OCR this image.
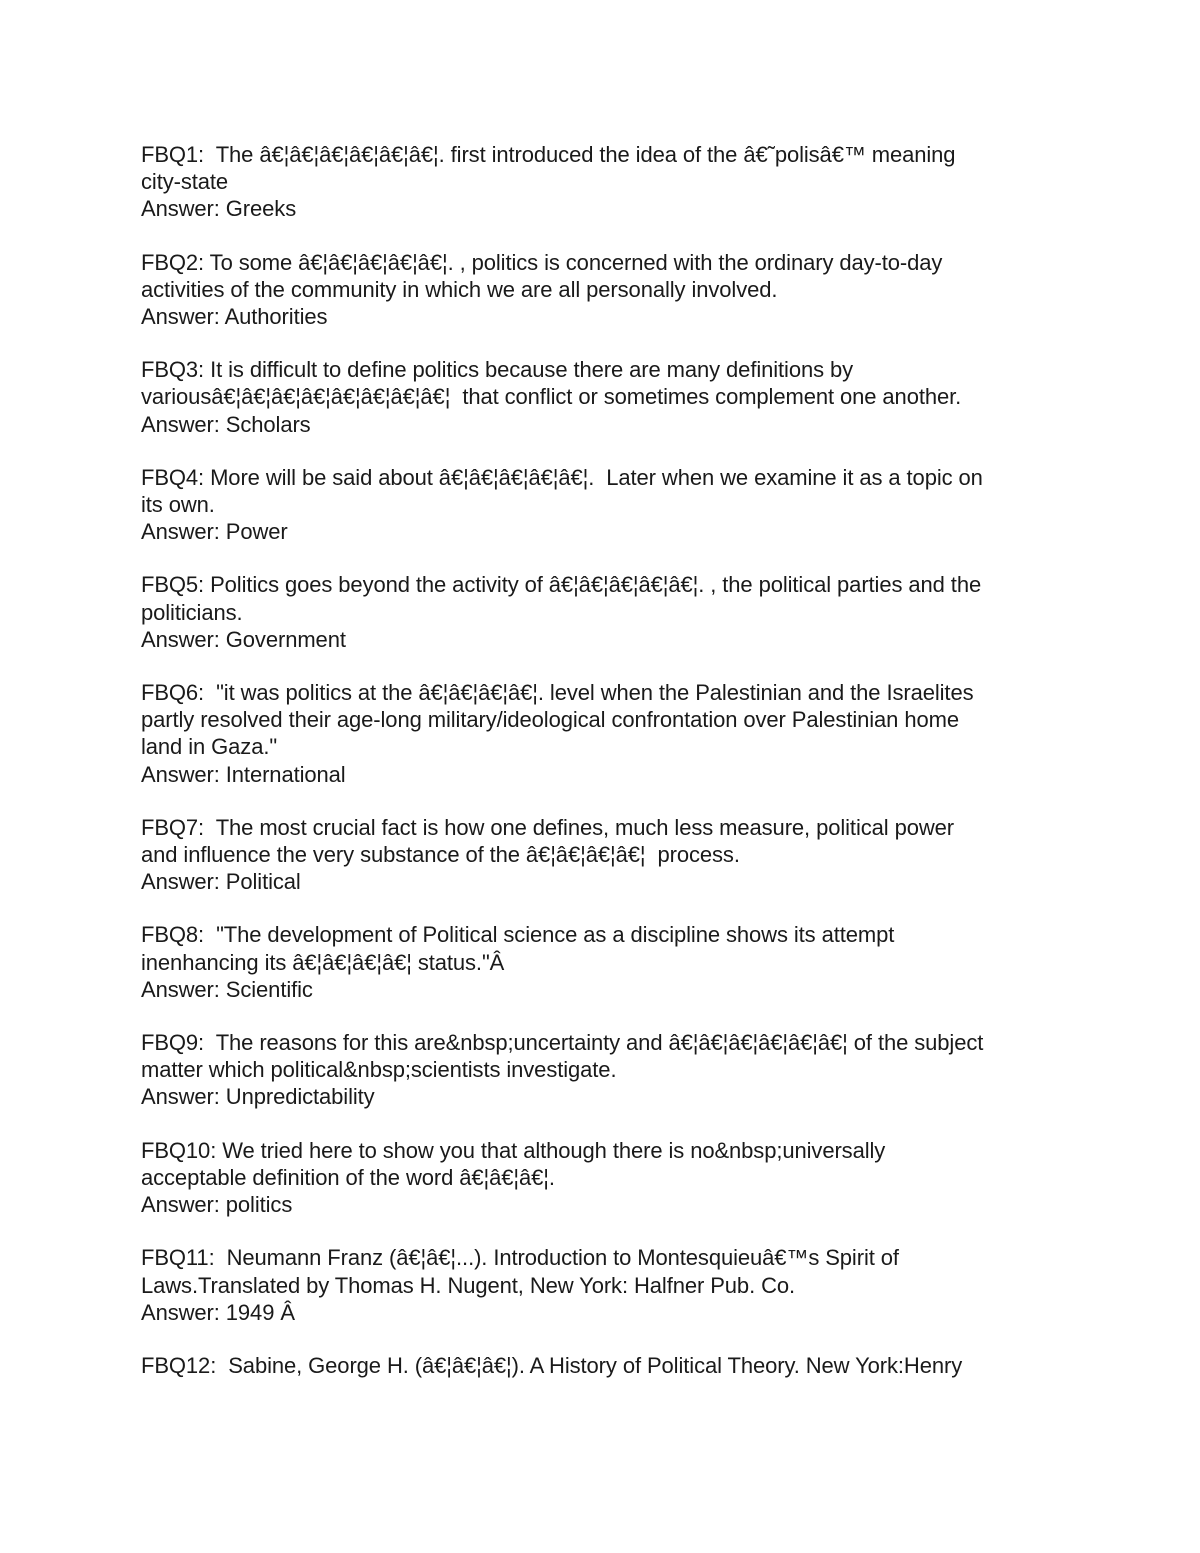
FBQ1:  The â€¦â€¦â€¦â€¦â€¦â€¦. first introduced the idea of the â€˜polisâ€™ meaning
city-state
Answer: Greeks
FBQ2: To some â€¦â€¦â€¦â€¦â€¦. , politics is concerned with the ordinary day-to-day
activities of the community in which we are all personally involved.
Answer: Authorities
FBQ3: It is difficult to define politics because there are many definitions by
variousâ€¦â€¦â€¦â€¦â€¦â€¦â€¦â€¦  that conflict or sometimes complement one another.
Answer: Scholars
FBQ4: More will be said about â€¦â€¦â€¦â€¦â€¦.  Later when we examine it as a topic on
its own.
Answer: Power
FBQ5: Politics goes beyond the activity of â€¦â€¦â€¦â€¦â€¦. , the political parties and the
politicians.
Answer: Government
FBQ6:  "it was politics at the â€¦â€¦â€¦â€¦. level when the Palestinian and the Israelites
partly resolved their age-long military/ideological confrontation over Palestinian home
land in Gaza."
Answer: International
FBQ7:  The most crucial fact is how one defines, much less measure, political power
and influence the very substance of the â€¦â€¦â€¦â€¦  process.
Answer: Political
FBQ8:  "The development of Political science as a discipline shows its attempt
inenhancing its â€¦â€¦â€¦â€¦ status."Â
Answer: Scientific
FBQ9:  The reasons for this are&nbsp;uncertainty and â€¦â€¦â€¦â€¦â€¦â€¦ of the subject
matter which political&nbsp;scientists investigate.
Answer: Unpredictability
FBQ10: We tried here to show you that although there is no&nbsp;universally
acceptable definition of the word â€¦â€¦â€¦.
Answer: politics
FBQ11:  Neumann Franz (â€¦â€¦...). Introduction to Montesquieuâ€™s Spirit of
Laws.Translated by Thomas H. Nugent, New York: Halfner Pub. Co.
Answer: 1949 Â
FBQ12:  Sabine, George H. (â€¦â€¦â€¦). A History of Political Theory. New York:Henry
